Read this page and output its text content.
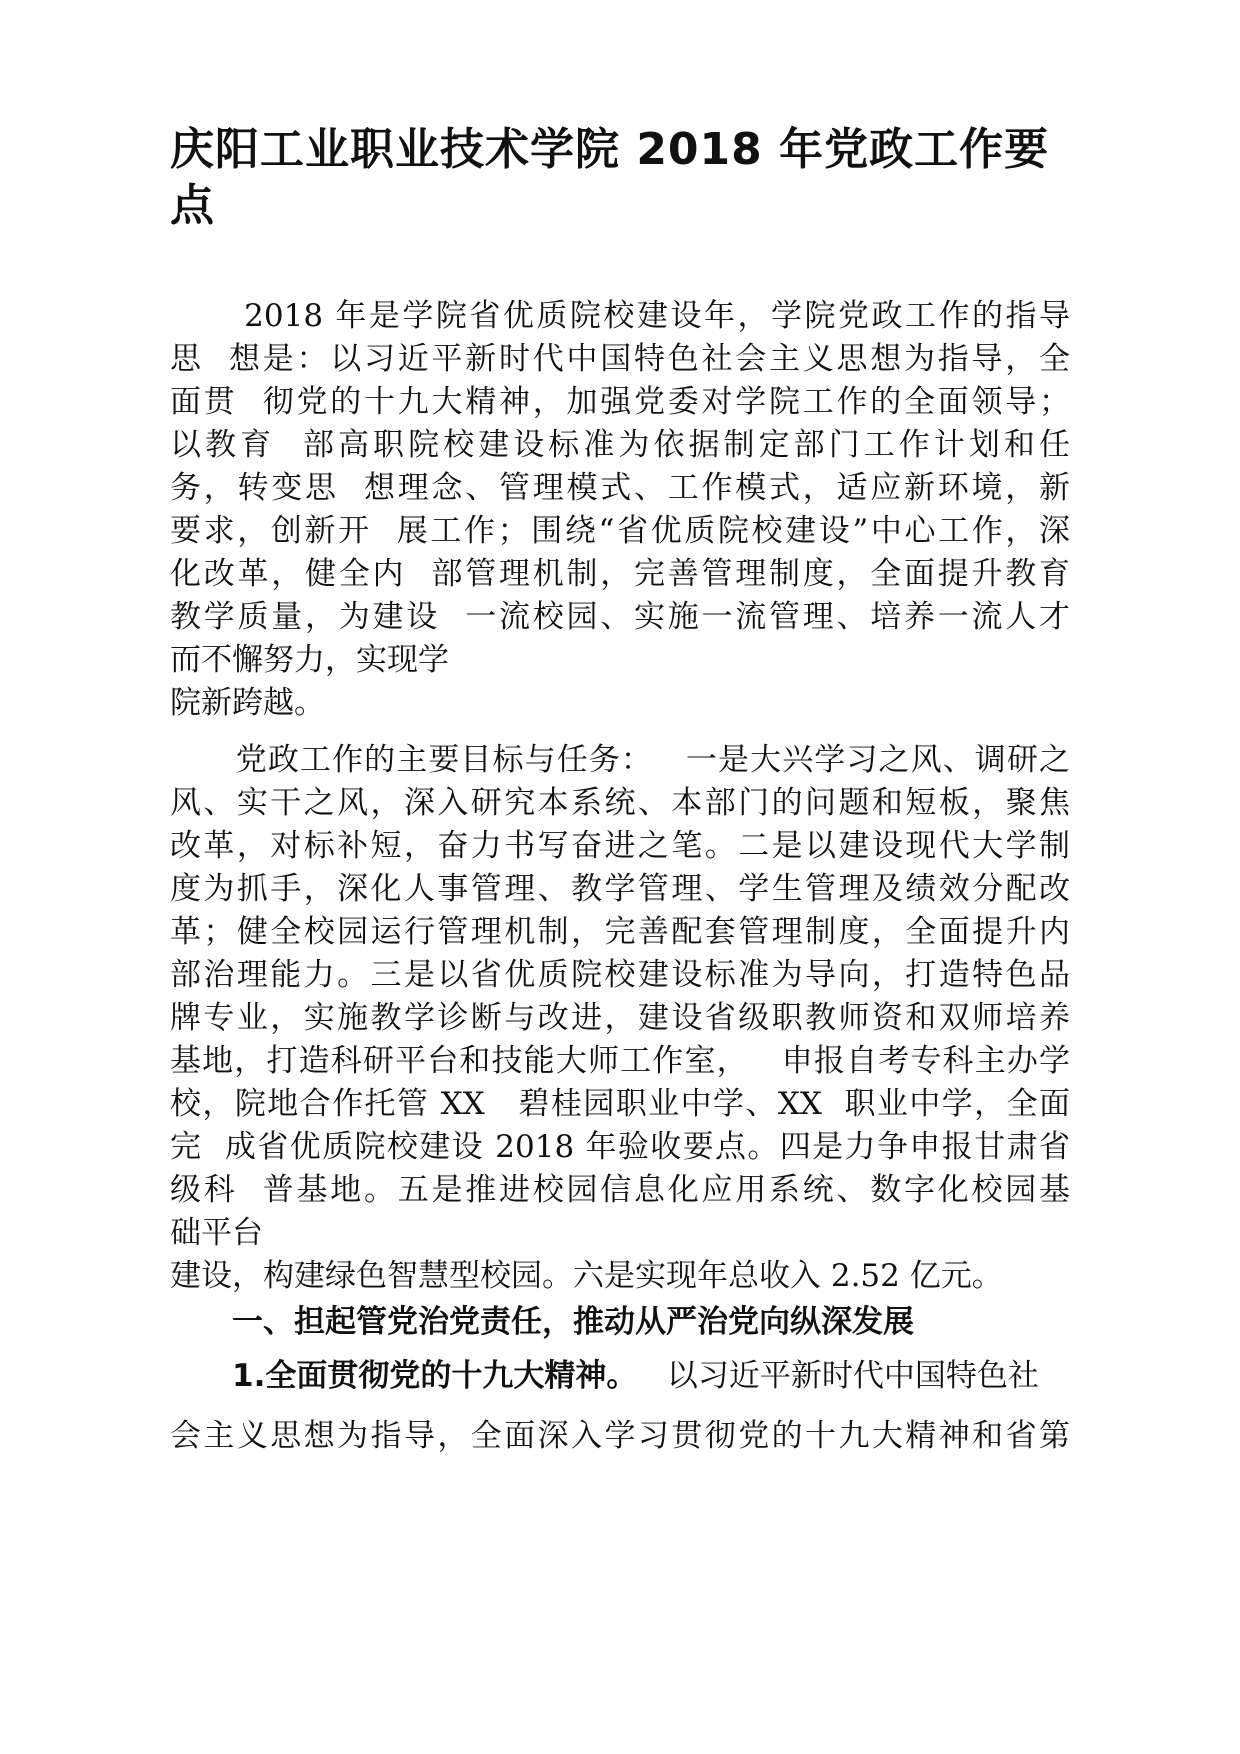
庆阳工业职业技术学院 2018 年党政工作要
点
2018 年是学院省优质院校建设年，学院党政工作的指导
思  想是：以习近平新时代中国特色社会主义思想为指导，全
面贯  彻党的十九大精神，加强党委对学院工作的全面领导；
以教育  部高职院校建设标准为依据制定部门工作计划和任
务，转变思  想理念、管理模式、工作模式，适应新环境，新
要求，创新开  展工作；围绕“省优质院校建设”中心工作，深
化改革，健全内  部管理机制，完善管理制度，全面提升教育
教学质量，为建设  一流校园、实施一流管理、培养一流人才
而不懈努力，实现学
院新跨越。
党政工作的主要目标与任务：   一是大兴学习之风、调研之
风、实干之风，深入研究本系统、本部门的问题和短板，聚焦
改革，对标补短，奋力书写奋进之笔。二是以建设现代大学制
度为抓手，深化人事管理、教学管理、学生管理及绩效分配改
革；健全校园运行管理机制，完善配套管理制度，全面提升内
部治理能力。三是以省优质院校建设标准为导向，打造特色品
牌专业，实施教学诊断与改进，建设省级职教师资和双师培养
基地，打造科研平台和技能大师工作室，   申报自考专科主办学
校，院地合作托管 XX   碧桂园职业中学、XX  职业中学，全面
完  成省优质院校建设 2018 年验收要点。四是力争申报甘肃省
级科  普基地。五是推进校园信息化应用系统、数字化校园基
础平台
建设，构建绿色智慧型校园。六是实现年总收入 2.52 亿元。
一、担起管党治党责任，推动从严治党向纵深发展
1.全面贯彻党的十九大精神。   以习近平新时代中国特色社
会主义思想为指导，全面深入学习贯彻党的十九大精神和省第
